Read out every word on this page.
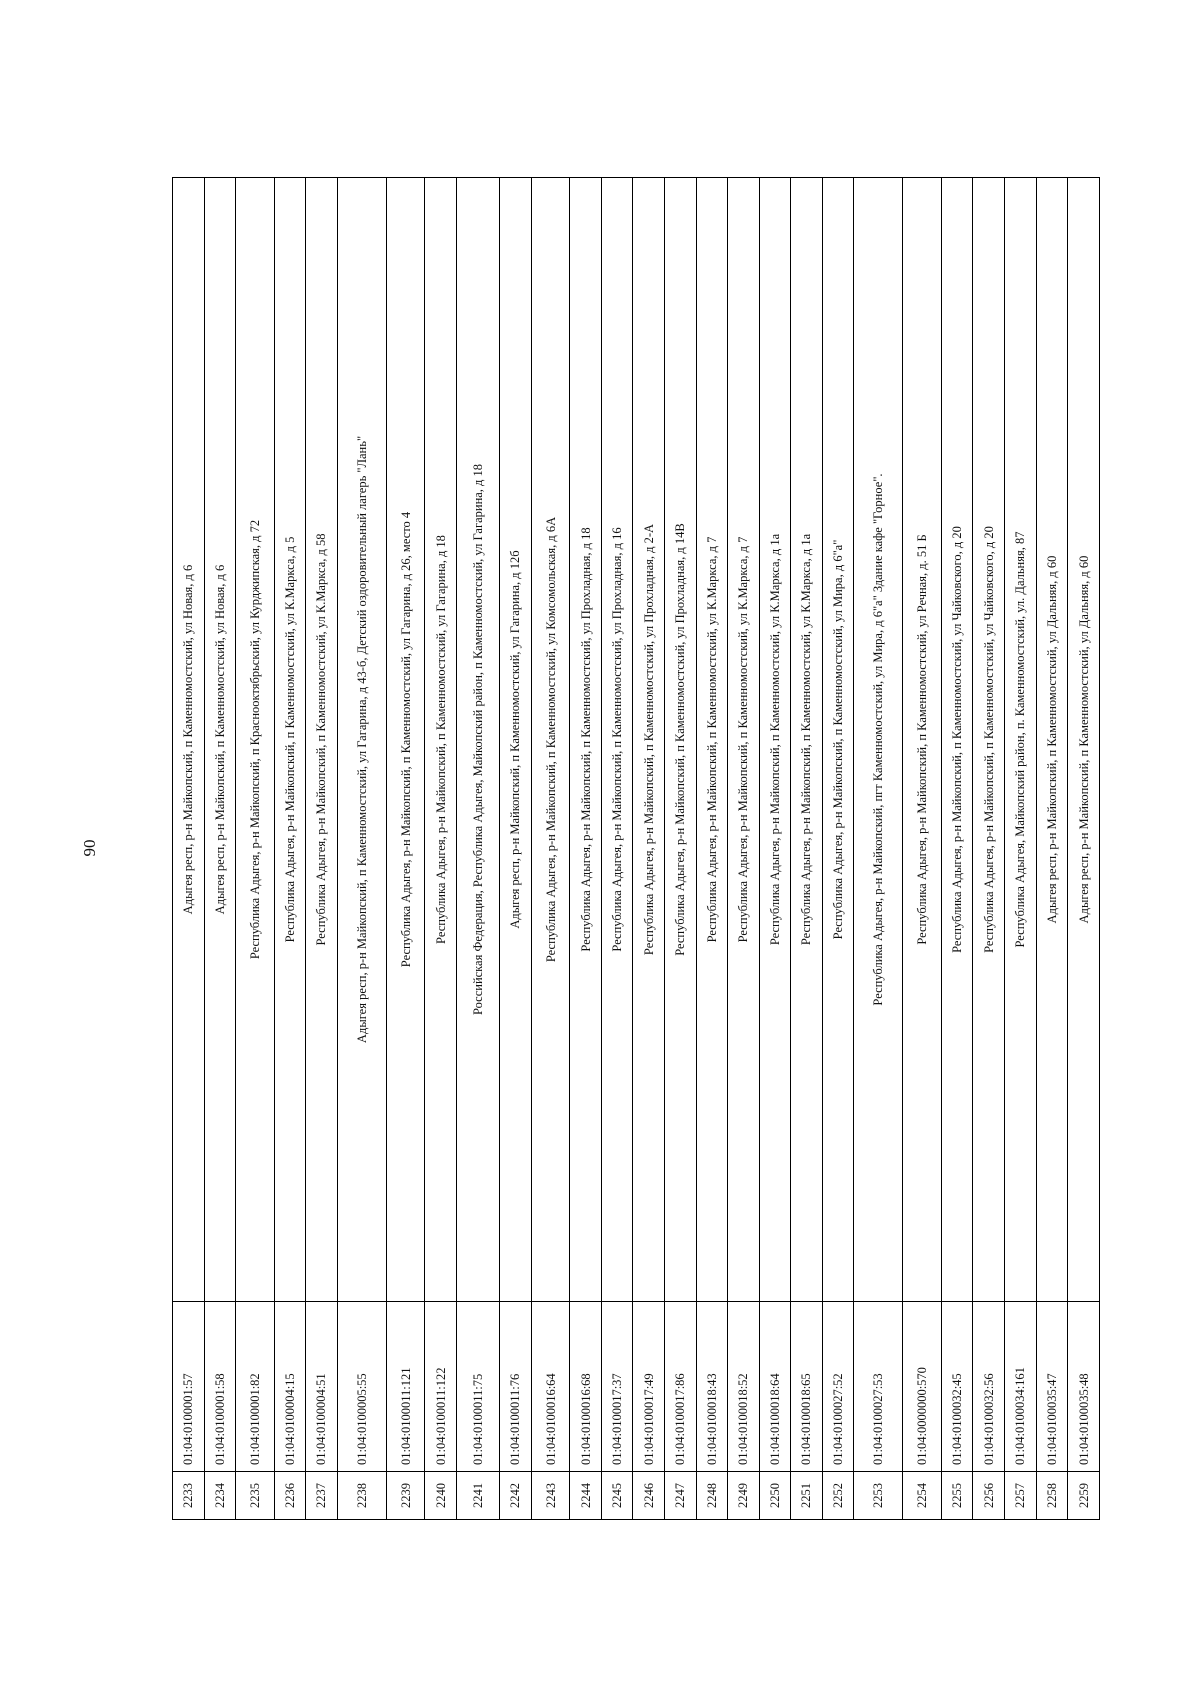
90
2233	01:04:0100001:57	Адыгея респ, р-н Майкопский, п Каменномостский, ул Новая, д 6
2234	01:04:0100001:58	Адыгея респ, р-н Майкопский, п Каменномостский, ул Новая, д 6
2235	01:04:0100001:82	Республика Адыгея, р-н Майкопский, п Краснооктябрьский, ул Курджипская, д 72
2236	01:04:0100004:15	Республика Адыгея, р-н Майкопский, п Каменномостский, ул К.Маркса, д 5
2237	01:04:0100004:51	Республика Адыгея, р-н Майкопский, п Каменномостский, ул К.Маркса, д 58
2238	01:04:0100005:55	Адыгея респ, р-н Майкопский, п Каменномостский, ул Гагарина, д 43-б, Детский оздоровительный лагерь "Лань"
2239	01:04:0100011:121	Республика Адыгея, р-н Майкопский, п Каменномостский, ул Гагарина, д 26, место 4
2240	01:04:0100011:122	Республика Адыгея, р-н Майкопский, п Каменномостский, ул Гагарина, д 18
2241	01:04:0100011:75	Российская Федерация, Республика Адыгея, Майкопский район, п Каменномостский, ул Гагарина, д 18
2242	01:04:0100011:76	Адыгея респ, р-н Майкопский, п Каменномостский, ул Гагарина, д 12б
2243	01:04:0100016:64	Республика Адыгея, р-н Майкопский, п Каменномостский, ул Комсомольская, д 6А
2244	01:04:0100016:68	Республика Адыгея, р-н Майкопский, п Каменномостский, ул Прохладная, д 18
2245	01:04:0100017:37	Республика Адыгея, р-н Майкопский, п Каменномостский, ул Прохладная, д 16
2246	01:04:0100017:49	Республика Адыгея, р-н Майкопский, п Каменномостский, ул Прохладная, д 2-А
2247	01:04:0100017:86	Республика Адыгея, р-н Майкопский, п Каменномостский, ул Прохладная, д 14В
2248	01:04:0100018:43	Республика Адыгея, р-н Майкопский, п Каменномостский, ул К.Маркса, д 7
2249	01:04:0100018:52	Республика Адыгея, р-н Майкопский, п Каменномостский, ул К.Маркса, д 7
2250	01:04:0100018:64	Республика Адыгея, р-н Майкопский, п Каменномостский, ул К.Маркса, д 1а
2251	01:04:0100018:65	Республика Адыгея, р-н Майкопский, п Каменномостский, ул К.Маркса, д 1а
2252	01:04:0100027:52	Республика Адыгея, р-н Майкопский, п Каменномостский, ул Мира, д 6"а"
2253	01:04:0100027:53	Республика Адыгея, р-н Майкопский, пгт Каменномостский, ул Мира, д 6"а" Здание кафе "Горное".
2254	01:04:0000000:570	Республика Адыгея, р-н Майкопский, п Каменномостский, ул Речная, д. 51 Б
2255	01:04:0100032:45	Республика Адыгея, р-н Майкопский, п Каменномостский, ул Чайковского, д 20
2256	01:04:0100032:56	Республика Адыгея, р-н Майкопский, п Каменномостский, ул Чайковского, д 20
2257	01:04:0100034:161	Республика Адыгея, Майкопский район, п. Каменномостский, ул. Дальняя, 87
2258	01:04:0100035:47	Адыгея респ, р-н Майкопский, п Каменномостский, ул Дальняя, д 60
2259	01:04:0100035:48	Адыгея респ, р-н Майкопский, п Каменномостский, ул Дальняя, д 60
